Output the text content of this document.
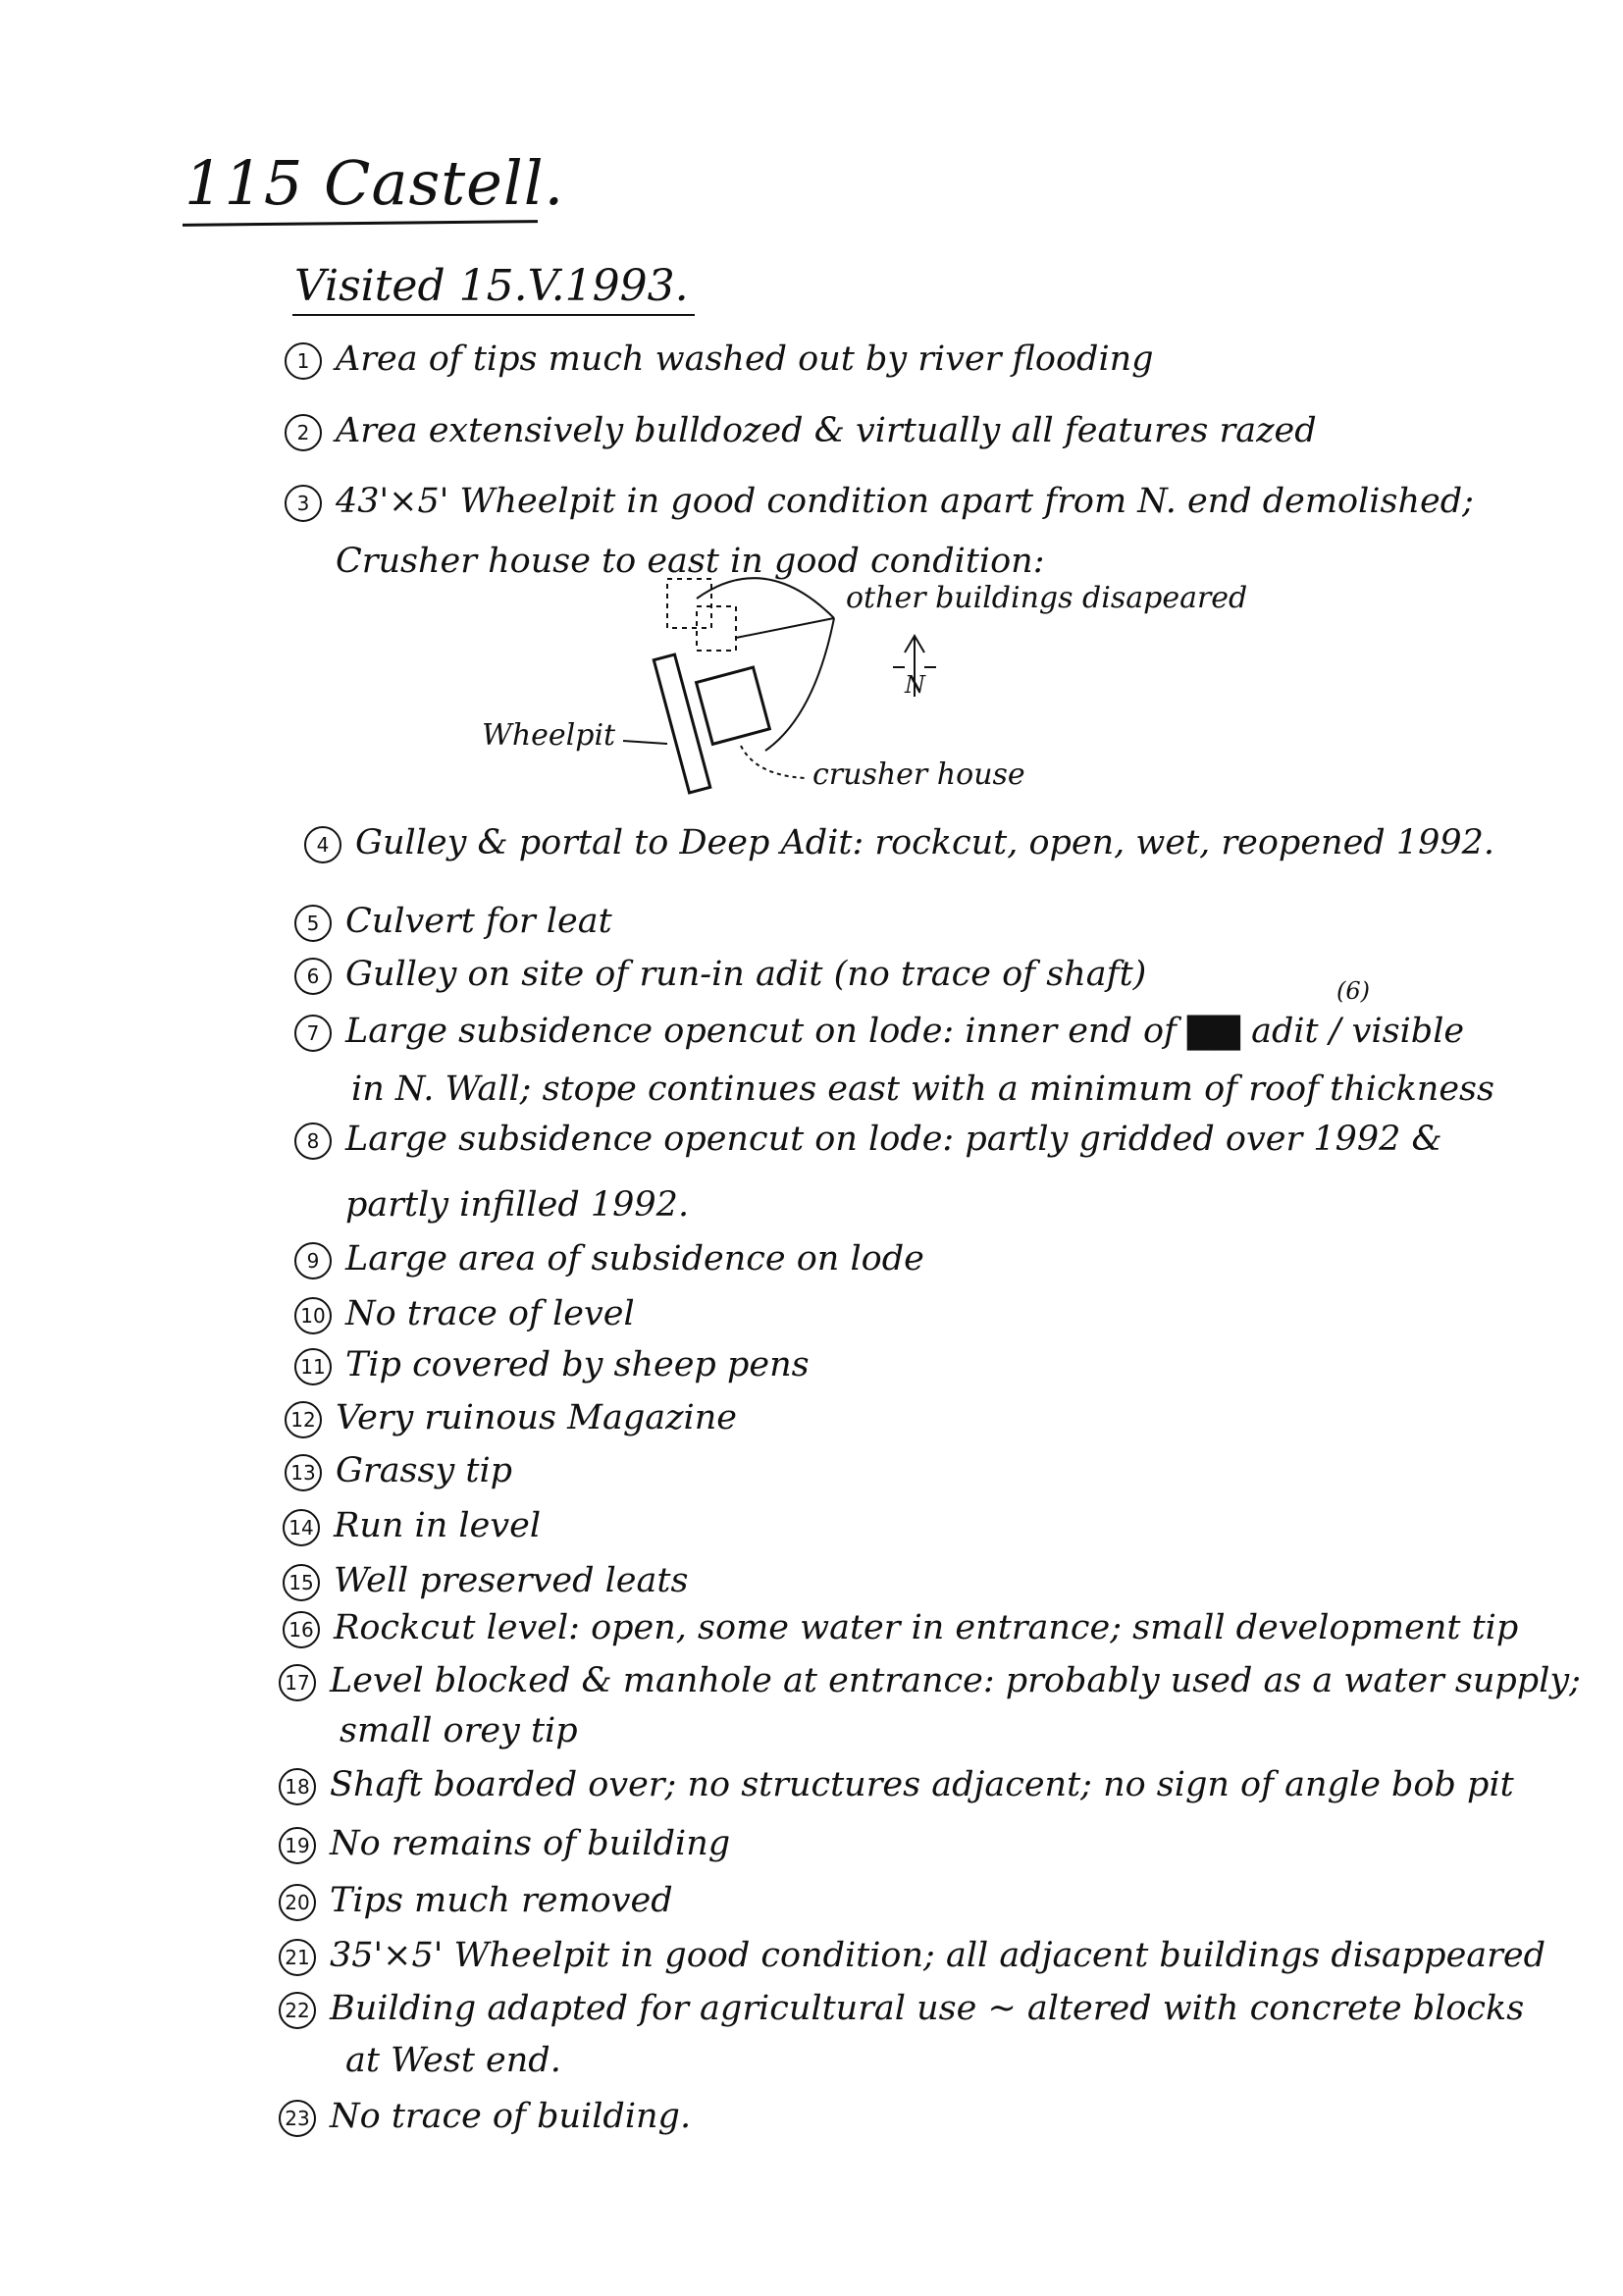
115 Castell.
Visited 15.V.1993.
1 Area of tips much washed out by river flooding
2 Area extensively bulldozed & virtually all features razed
3 43'×5' Wheelpit in good condition apart from N. end demolished;
Crusher house to east in good condition:
other buildings disapeared
Wheelpit
crusher house
N
4 Gulley & portal to Deep Adit: rockcut, open, wet, reopened 1992.
5 Culvert for leat
6 Gulley on site of run-in adit (no trace of shaft)	(6)
7 Large subsidence opencut on lode: inner end of ▇▇ adit / visible
in N. Wall; stope continues east with a minimum of roof thickness
8 Large subsidence opencut on lode: partly gridded over 1992 &
partly infilled 1992.
9 Large area of subsidence on lode
10 No trace of level
11 Tip covered by sheep pens
12 Very ruinous Magazine
13 Grassy tip
14 Run in level
15 Well preserved leats
16 Rockcut level: open, some water in entrance; small development tip
17 Level blocked & manhole at entrance: probably used as a water supply;
small orey tip
18 Shaft boarded over; no structures adjacent; no sign of angle bob pit
19 No remains of building
20 Tips much removed
21 35'×5' Wheelpit in good condition; all adjacent buildings disappeared
22 Building adapted for agricultural use ~ altered with concrete blocks
at West end.
23 No trace of building.
